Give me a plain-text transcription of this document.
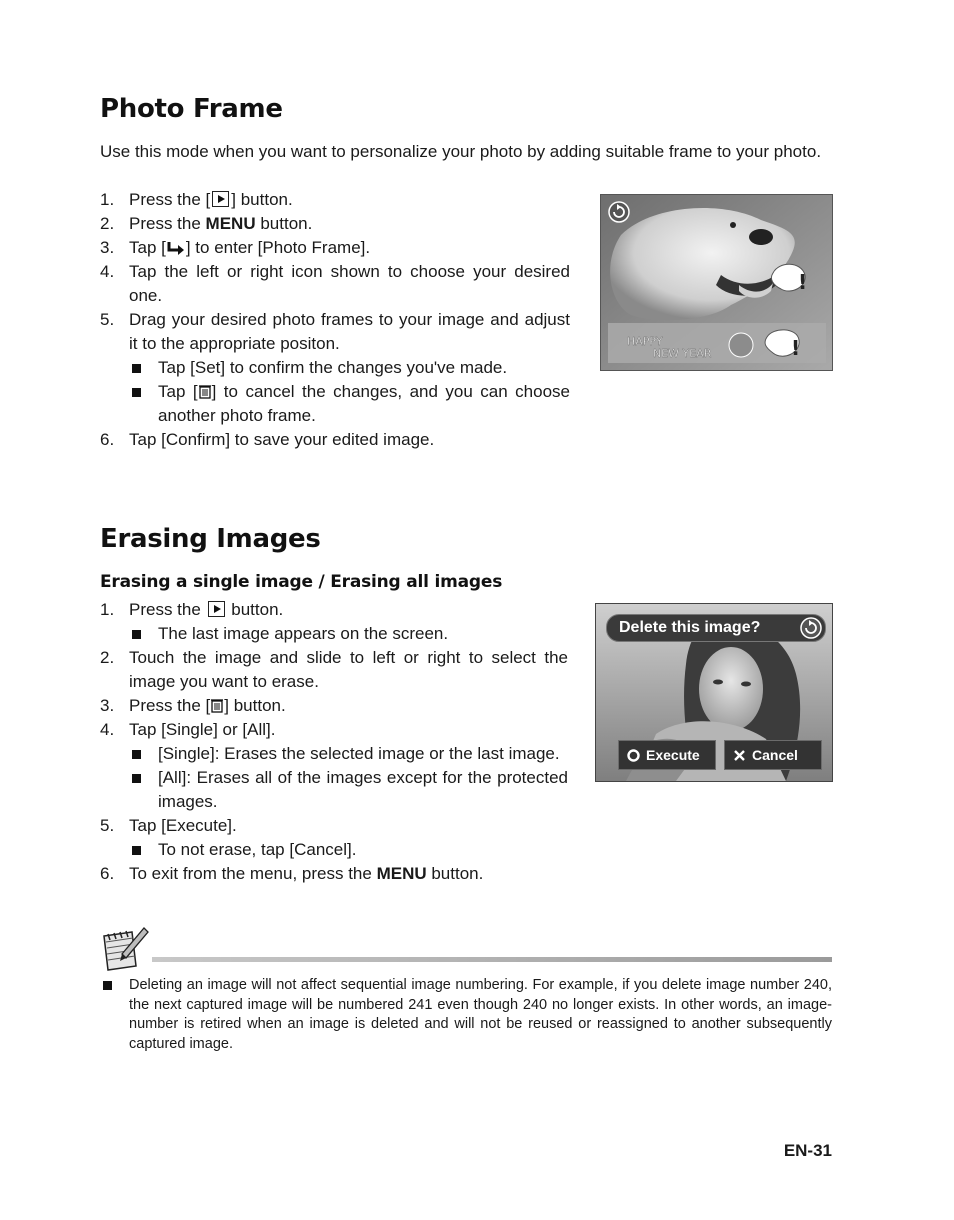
Photo Frame
Use this mode when you want to personalize your photo by adding suitable frame to your photo.
1. Press the [ ] button.
2. Press the MENU button.
3. Tap [ ] to enter [Photo Frame].
4. Tap the left or right icon shown to choose your desired one.
5. Drag your desired photo frames to your image and adjust it to the appropriate positon.
Tap [Set] to confirm the changes you've made.
Tap [ ] to cancel the changes, and you can choose another photo frame.
6. Tap [Confirm] to save your edited image.
HAPPY
NEW YEAR	!
!
Erasing Images
Erasing a single image / Erasing all images
1. Press the
button.
The last image appears on the screen.
2. Touch the image and slide to left or right to select the image you want to erase.
3. Press the [ ] button.
4. Tap [Single] or [All].
[Single]: Erases the selected image or the last image.
[All]: Erases all of the images except for the protected images.
5. Tap [Execute].
To not erase, tap [Cancel].
6. To exit from the menu, press the MENU button.
Delete this image?
Execute	Cancel
Deleting an image will not affect sequential image numbering. For example, if you delete image number 240, the next captured image will be numbered 241 even though 240 no longer exists. In other words, an image-number is retired when an image is deleted and will not be reused or reassigned to another subsequently captured image.
EN-31
